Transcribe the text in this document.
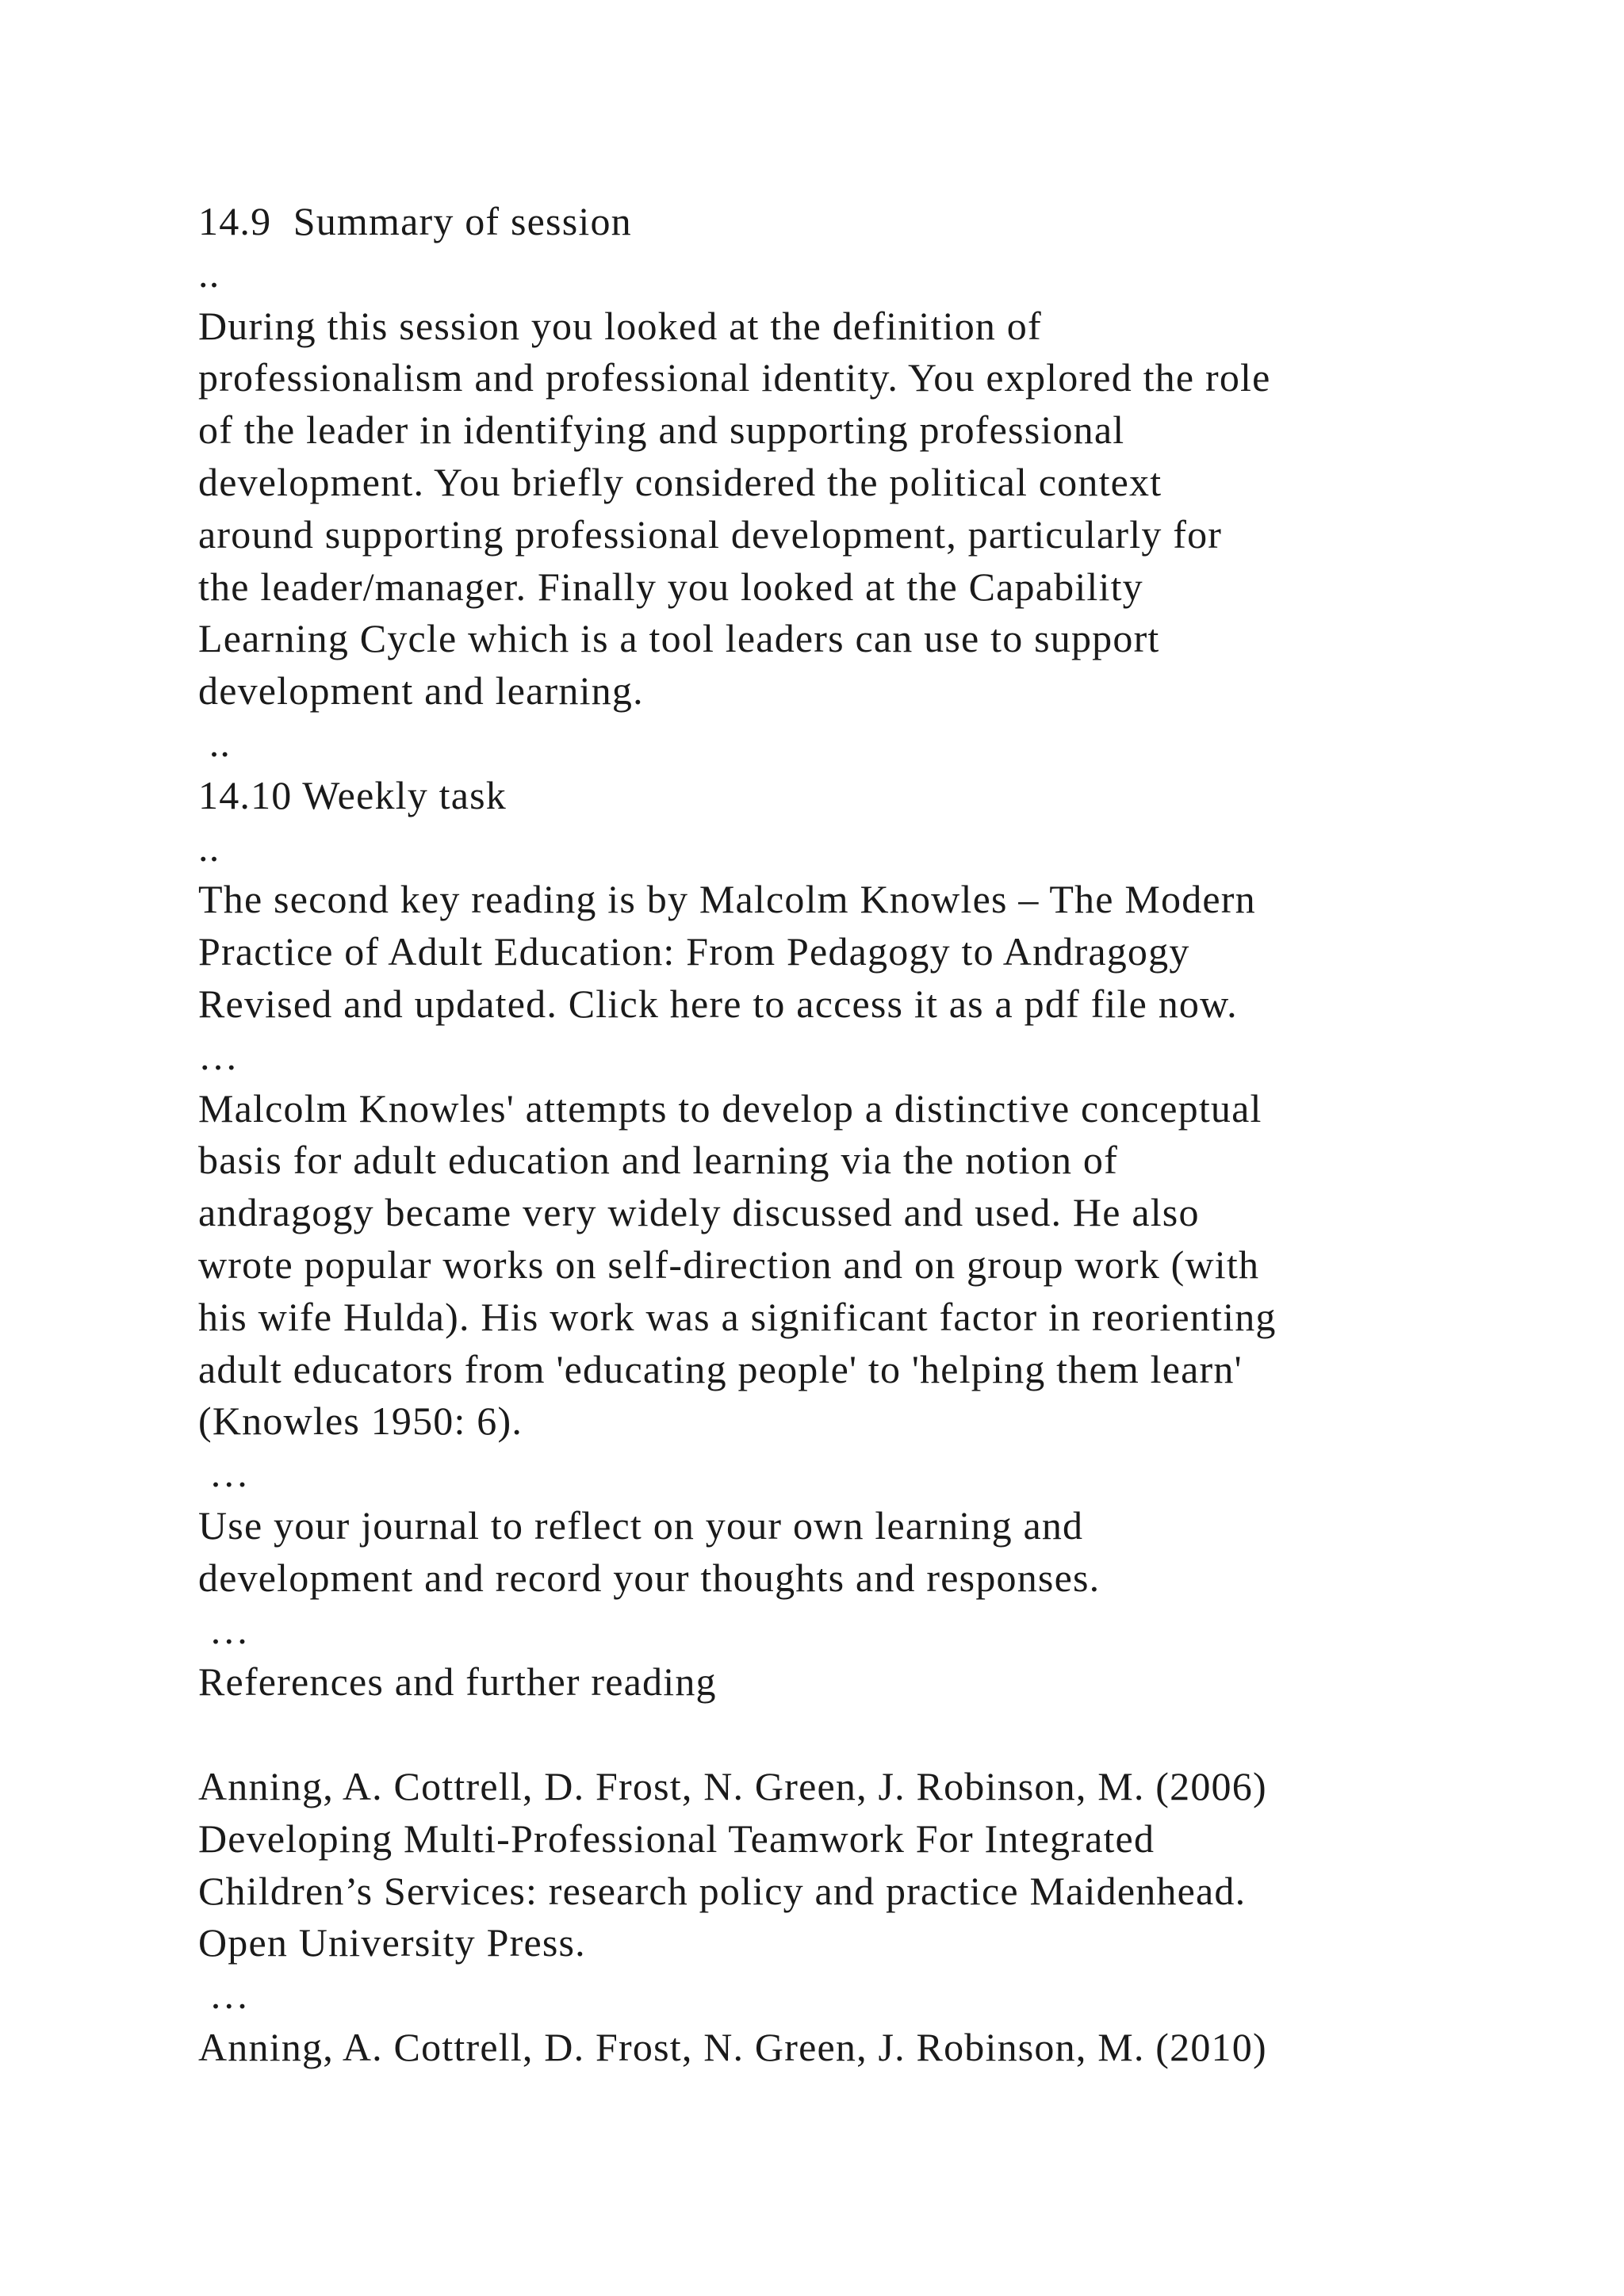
14.9  Summary of session
..
During this session you looked at the definition of
professionalism and professional identity. You explored the role
of the leader in identifying and supporting professional
development. You briefly considered the political context
around supporting professional development, particularly for
the leader/manager. Finally you looked at the Capability
Learning Cycle which is a tool leaders can use to support
development and learning.
..
14.10 Weekly task
..
The second key reading is by Malcolm Knowles – The Modern
Practice of Adult Education: From Pedagogy to Andragogy
Revised and updated. Click here to access it as a pdf file now.
…
Malcolm Knowles' attempts to develop a distinctive conceptual
basis for adult education and learning via the notion of
andragogy became very widely discussed and used. He also
wrote popular works on self-direction and on group work (with
his wife Hulda). His work was a significant factor in reorienting
adult educators from 'educating people' to 'helping them learn'
(Knowles 1950: 6).
…
Use your journal to reflect on your own learning and
development and record your thoughts and responses.
…
References and further reading
Anning, A. Cottrell, D. Frost, N. Green, J. Robinson, M. (2006)
Developing Multi-Professional Teamwork For Integrated
Children’s Services: research policy and practice Maidenhead.
Open University Press.
…
Anning, A. Cottrell, D. Frost, N. Green, J. Robinson, M. (2010)
